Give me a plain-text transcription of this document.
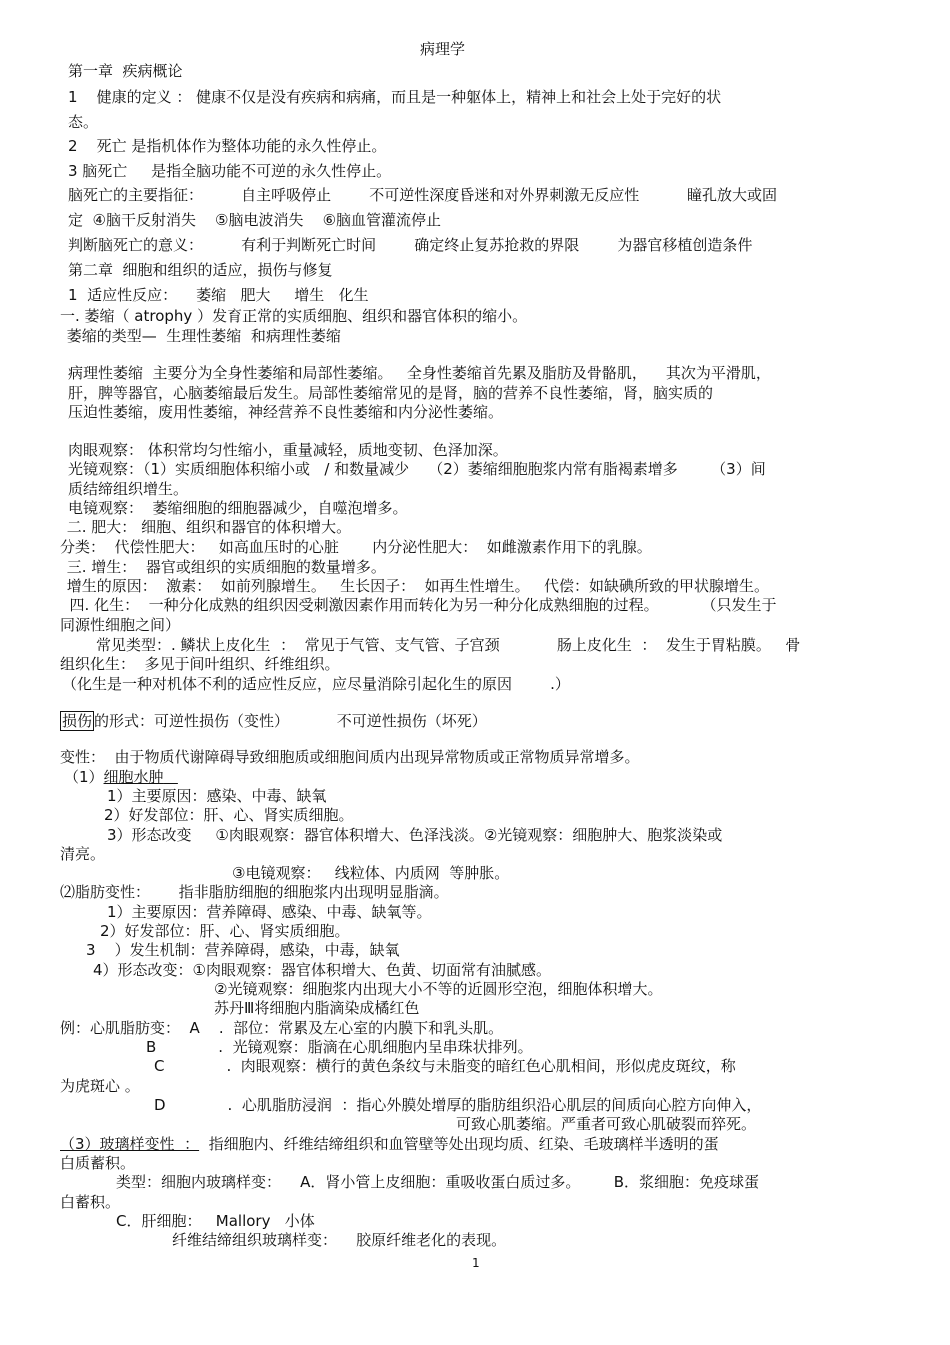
病理学
第一章  疾病概论
1    健康的定义 ： 健康不仅是没有疾病和病痛，而且是一种躯体上，精神上和社会上处于完好的状
态。
2    死亡 是指机体作为整体功能的永久性停止。
3 脑死亡     是指全脑功能不可逆的永久性停止。
脑死亡的主要指征：        自主呼吸停止        不可逆性深度昏迷和对外界刺激无反应性          瞳孔放大或固
定  ④脑干反射消失    ⑤脑电波消失    ⑥脑血管灌流停止
判断脑死亡的意义：        有利于判断死亡时间        确定终止复苏抢救的界限        为器官移植创造条件
第二章  细胞和组织的适应，损伤与修复
1  适应性反应：    萎缩   肥大     增生   化生
一. 萎缩（ atrophy ）发育正常的实质细胞、组织和器官体积的缩小。
萎缩的类型—  生理性萎缩  和病理性萎缩
病理性萎缩  主要分为全身性萎缩和局部性萎缩。   全身性萎缩首先累及脂肪及骨骼肌，    其次为平滑肌，
肝，脾等器官，心脑萎缩最后发生。局部性萎缩常见的是肾，脑的营养不良性萎缩，肾，脑实质的
压迫性萎缩，废用性萎缩，神经营养不良性萎缩和内分泌性萎缩。
肉眼观察： 体积常均匀性缩小，重量减轻，质地变韧、色泽加深。
光镜观察：（1）实质细胞体积缩小或   / 和数量减少    （2）萎缩细胞胞浆内常有脂褐素增多       （3）间
质结缔组织增生。
电镜观察：  萎缩细胞的细胞器减少，自噬泡增多。
二. 肥大： 细胞、组织和器官的体积增大。
分类：  代偿性肥大：   如高血压时的心脏       内分泌性肥大：  如雌激素作用下的乳腺。
三. 增生：  器官或组织的实质细胞的数量增多。
增生的原因：  激素：  如前列腺增生。   生长因子：  如再生性增生。   代偿：如缺碘所致的甲状腺增生。
四. 化生：  一种分化成熟的组织因受刺激因素作用而转化为另一种分化成熟细胞的过程。         （只发生于
同源性细胞之间）
常见类型：. 鳞状上皮化生  ：  常见于气管、支气管、子宫颈            肠上皮化生  ：  发生于胃粘膜。   骨
组织化生：  多见于间叶组织、纤维组织。
（化生是一种对机体不利的适应性反应，应尽量消除引起化生的原因        .）
损伤 的形式：可逆性损伤（变性）          不可逆性损伤（坏死）
变性：  由于物质代谢障碍导致细胞质或细胞间质内出现异常物质或正常物质异常增多。
（1）细胞水肿
1）主要原因：感染、中毒、缺氧
2）好发部位：肝、心、肾实质细胞。
3）形态改变     ①肉眼观察：器官体积增大、色泽浅淡。②光镜观察：细胞肿大、胞浆淡染或
清亮。
③电镜观察：   线粒体、内质网  等肿胀。
⑵脂肪变性：      指非脂肪细胞的细胞浆内出现明显脂滴。
1）主要原因：营养障碍、感染、中毒、缺氧等。
2）好发部位：肝、心、肾实质细胞。
3    ）发生机制：营养障碍，感染，中毒，缺氧
4）形态改变：①肉眼观察：器官体积增大、色黄、切面常有油腻感。
②光镜观察：细胞浆内出现大小不等的近圆形空泡，细胞体积增大。
苏丹Ⅲ将细胞内脂滴染成橘红色
例：心肌脂肪变：  A    .  部位：常累及左心室的内膜下和乳头肌。
B             .  光镜观察：脂滴在心肌细胞内呈串珠状排列。
C             .  肉眼观察：横行的黄色条纹与未脂变的暗红色心肌相间，形似虎皮斑纹，称
为虎斑心 。
D             .  心肌脂肪浸润  ：指心外膜处增厚的脂肪组织沿心肌层的间质向心腔方向伸入，
可致心肌萎缩。严重者可致心肌破裂而猝死。
（3）玻璃样变性  ：  指细胞内、纤维结缔组织和血管壁等处出现均质、红染、毛玻璃样半透明的蛋
白质蓄积。
类型：细胞内玻璃样变：    A．肾小管上皮细胞：重吸收蛋白质过多。       B．浆细胞：免疫球蛋
白蓄积。
C．肝细胞：   Mallory   小体
纤维结缔组织玻璃样变：    胶原纤维老化的表现。
1
